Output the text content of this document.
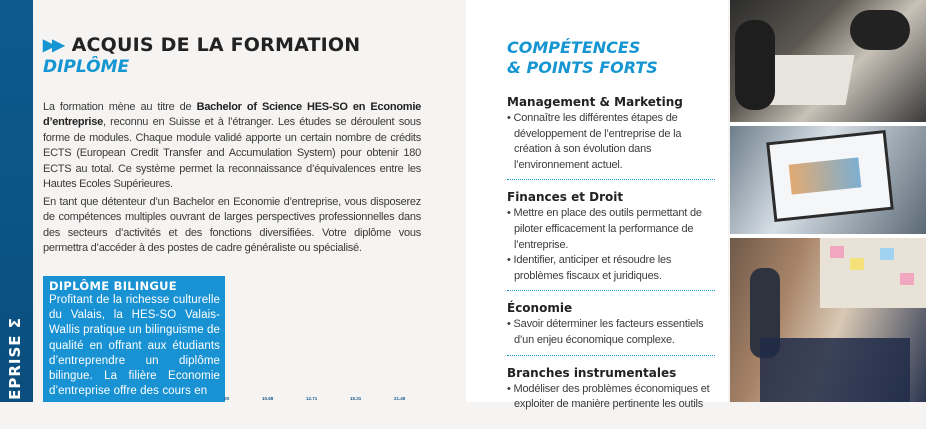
EPRISE Σ
▶▶ ACQUIS DE LA FORMATION
DIPLÔME

La formation mène au titre de Bachelor of Science HES-SO en Economie d’entreprise, reconnu en Suisse et à l’étranger. Les études se déroulent sous forme de modules. Chaque module validé apporte un certain nombre de crédits ECTS (European Credit Transfer and Accumulation System) pour obtenir 180 ECTS au total. Ce système permet la reconnaissance d’équivalences entre les Hautes Ecoles Supérieures.

En tant que détenteur d’un Bachelor en Economie d’entreprise, vous disposerez de compétences multiples ouvrant de larges perspectives professionnelles dans des secteurs d’activités et des fonctions diversifiées. Votre diplôme vous permettra d’accéder à des postes de cadre généraliste ou spécialisé.

DIPLÔME BILINGUE
Profitant de la richesse culturelle du Valais, la HES-SO Valais-Wallis pratique un bilinguisme de qualité en offrant aux étudiants d’entreprendre un diplôme bilingue. La filière Economie d’entreprise offre des cours en
05	10.68	12.71	15.31	21.49
COMPÉTENCES
& POINTS FORTS
Management & Marketing
• Connaître les différentes étapes de développement de l’entreprise de la création à son évolution dans l’environnement actuel.
Finances et Droit
• Mettre en place des outils permettant de piloter efficacement la performance de l’entreprise.
• Identifier, anticiper et résoudre les problèmes fiscaux et juridiques.
Économie
• Savoir déterminer les facteurs essentiels d’un enjeu économique complexe.
Branches instrumentales
• Modéliser des problèmes économiques et exploiter de manière pertinente les outils
